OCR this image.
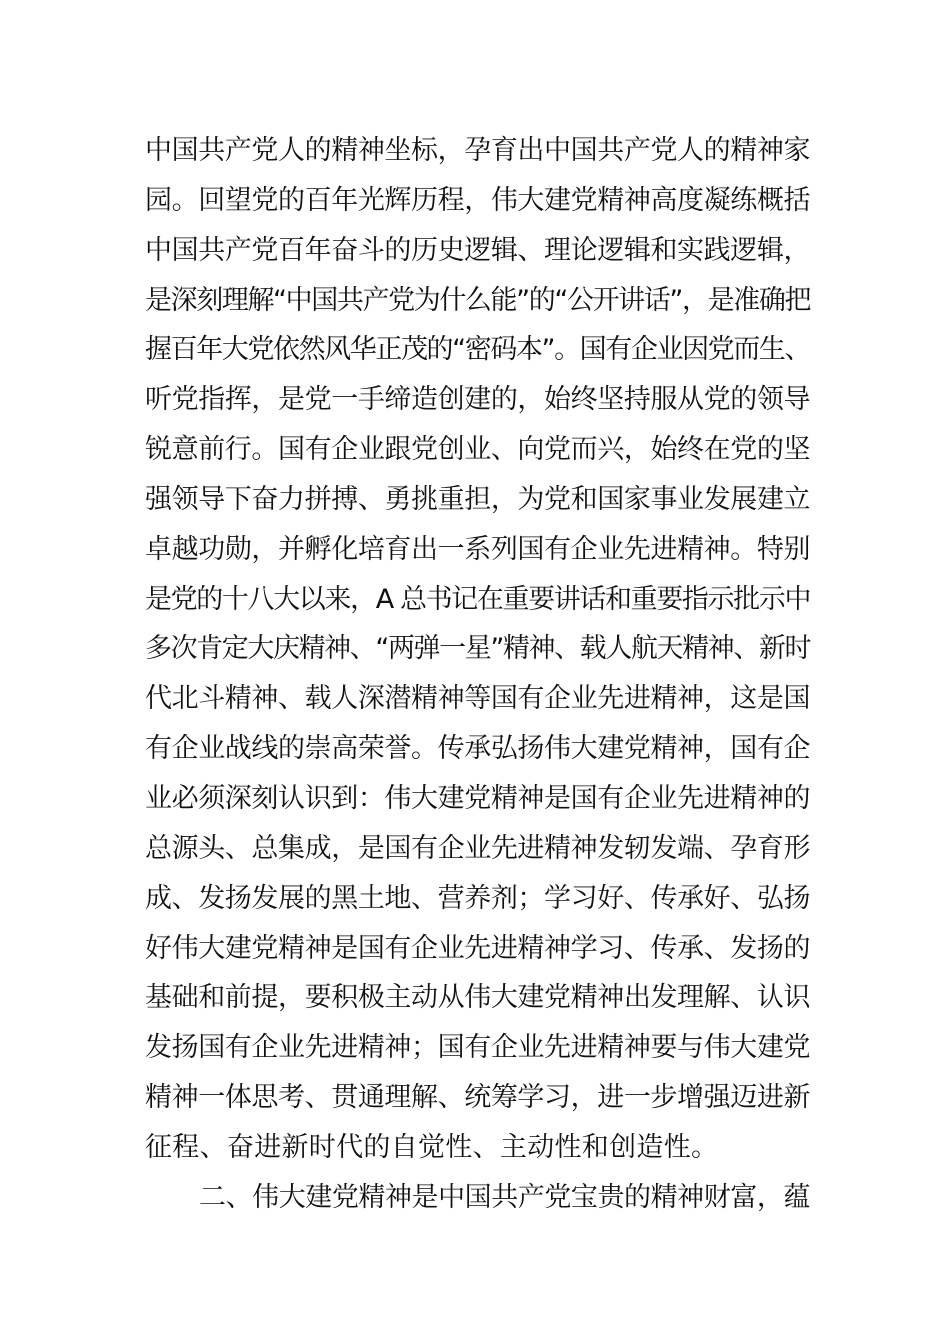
中国共产党人的精神坐标，孕育出中国共产党人的精神家
园。回望党的百年光辉历程，伟大建党精神高度凝练概括
中国共产党百年奋斗的历史逻辑、理论逻辑和实践逻辑，
是深刻理解“中国共产党为什么能”的“公开讲话”，是准确把
握百年大党依然风华正茂的“密码本”。国有企业因党而生、
听党指挥，是党一手缔造创建的，始终坚持服从党的领导
锐意前行。国有企业跟党创业、向党而兴，始终在党的坚
强领导下奋力拼搏、勇挑重担，为党和国家事业发展建立
卓越功勋，并孵化培育出一系列国有企业先进精神。特别
是党的十八大以来，A 总书记在重要讲话和重要指示批示中
多次肯定大庆精神、“两弹一星”精神、载人航天精神、新时
代北斗精神、载人深潜精神等国有企业先进精神，这是国
有企业战线的崇高荣誉。传承弘扬伟大建党精神，国有企
业必须深刻认识到：伟大建党精神是国有企业先进精神的
总源头、总集成，是国有企业先进精神发轫发端、孕育形
成、发扬发展的黑土地、营养剂；学习好、传承好、弘扬
好伟大建党精神是国有企业先进精神学习、传承、发扬的
基础和前提，要积极主动从伟大建党精神出发理解、认识
发扬国有企业先进精神；国有企业先进精神要与伟大建党
精神一体思考、贯通理解、统筹学习，进一步增强迈进新
征程、奋进新时代的自觉性、主动性和创造性。
二、伟大建党精神是中国共产党宝贵的精神财富，蕴
